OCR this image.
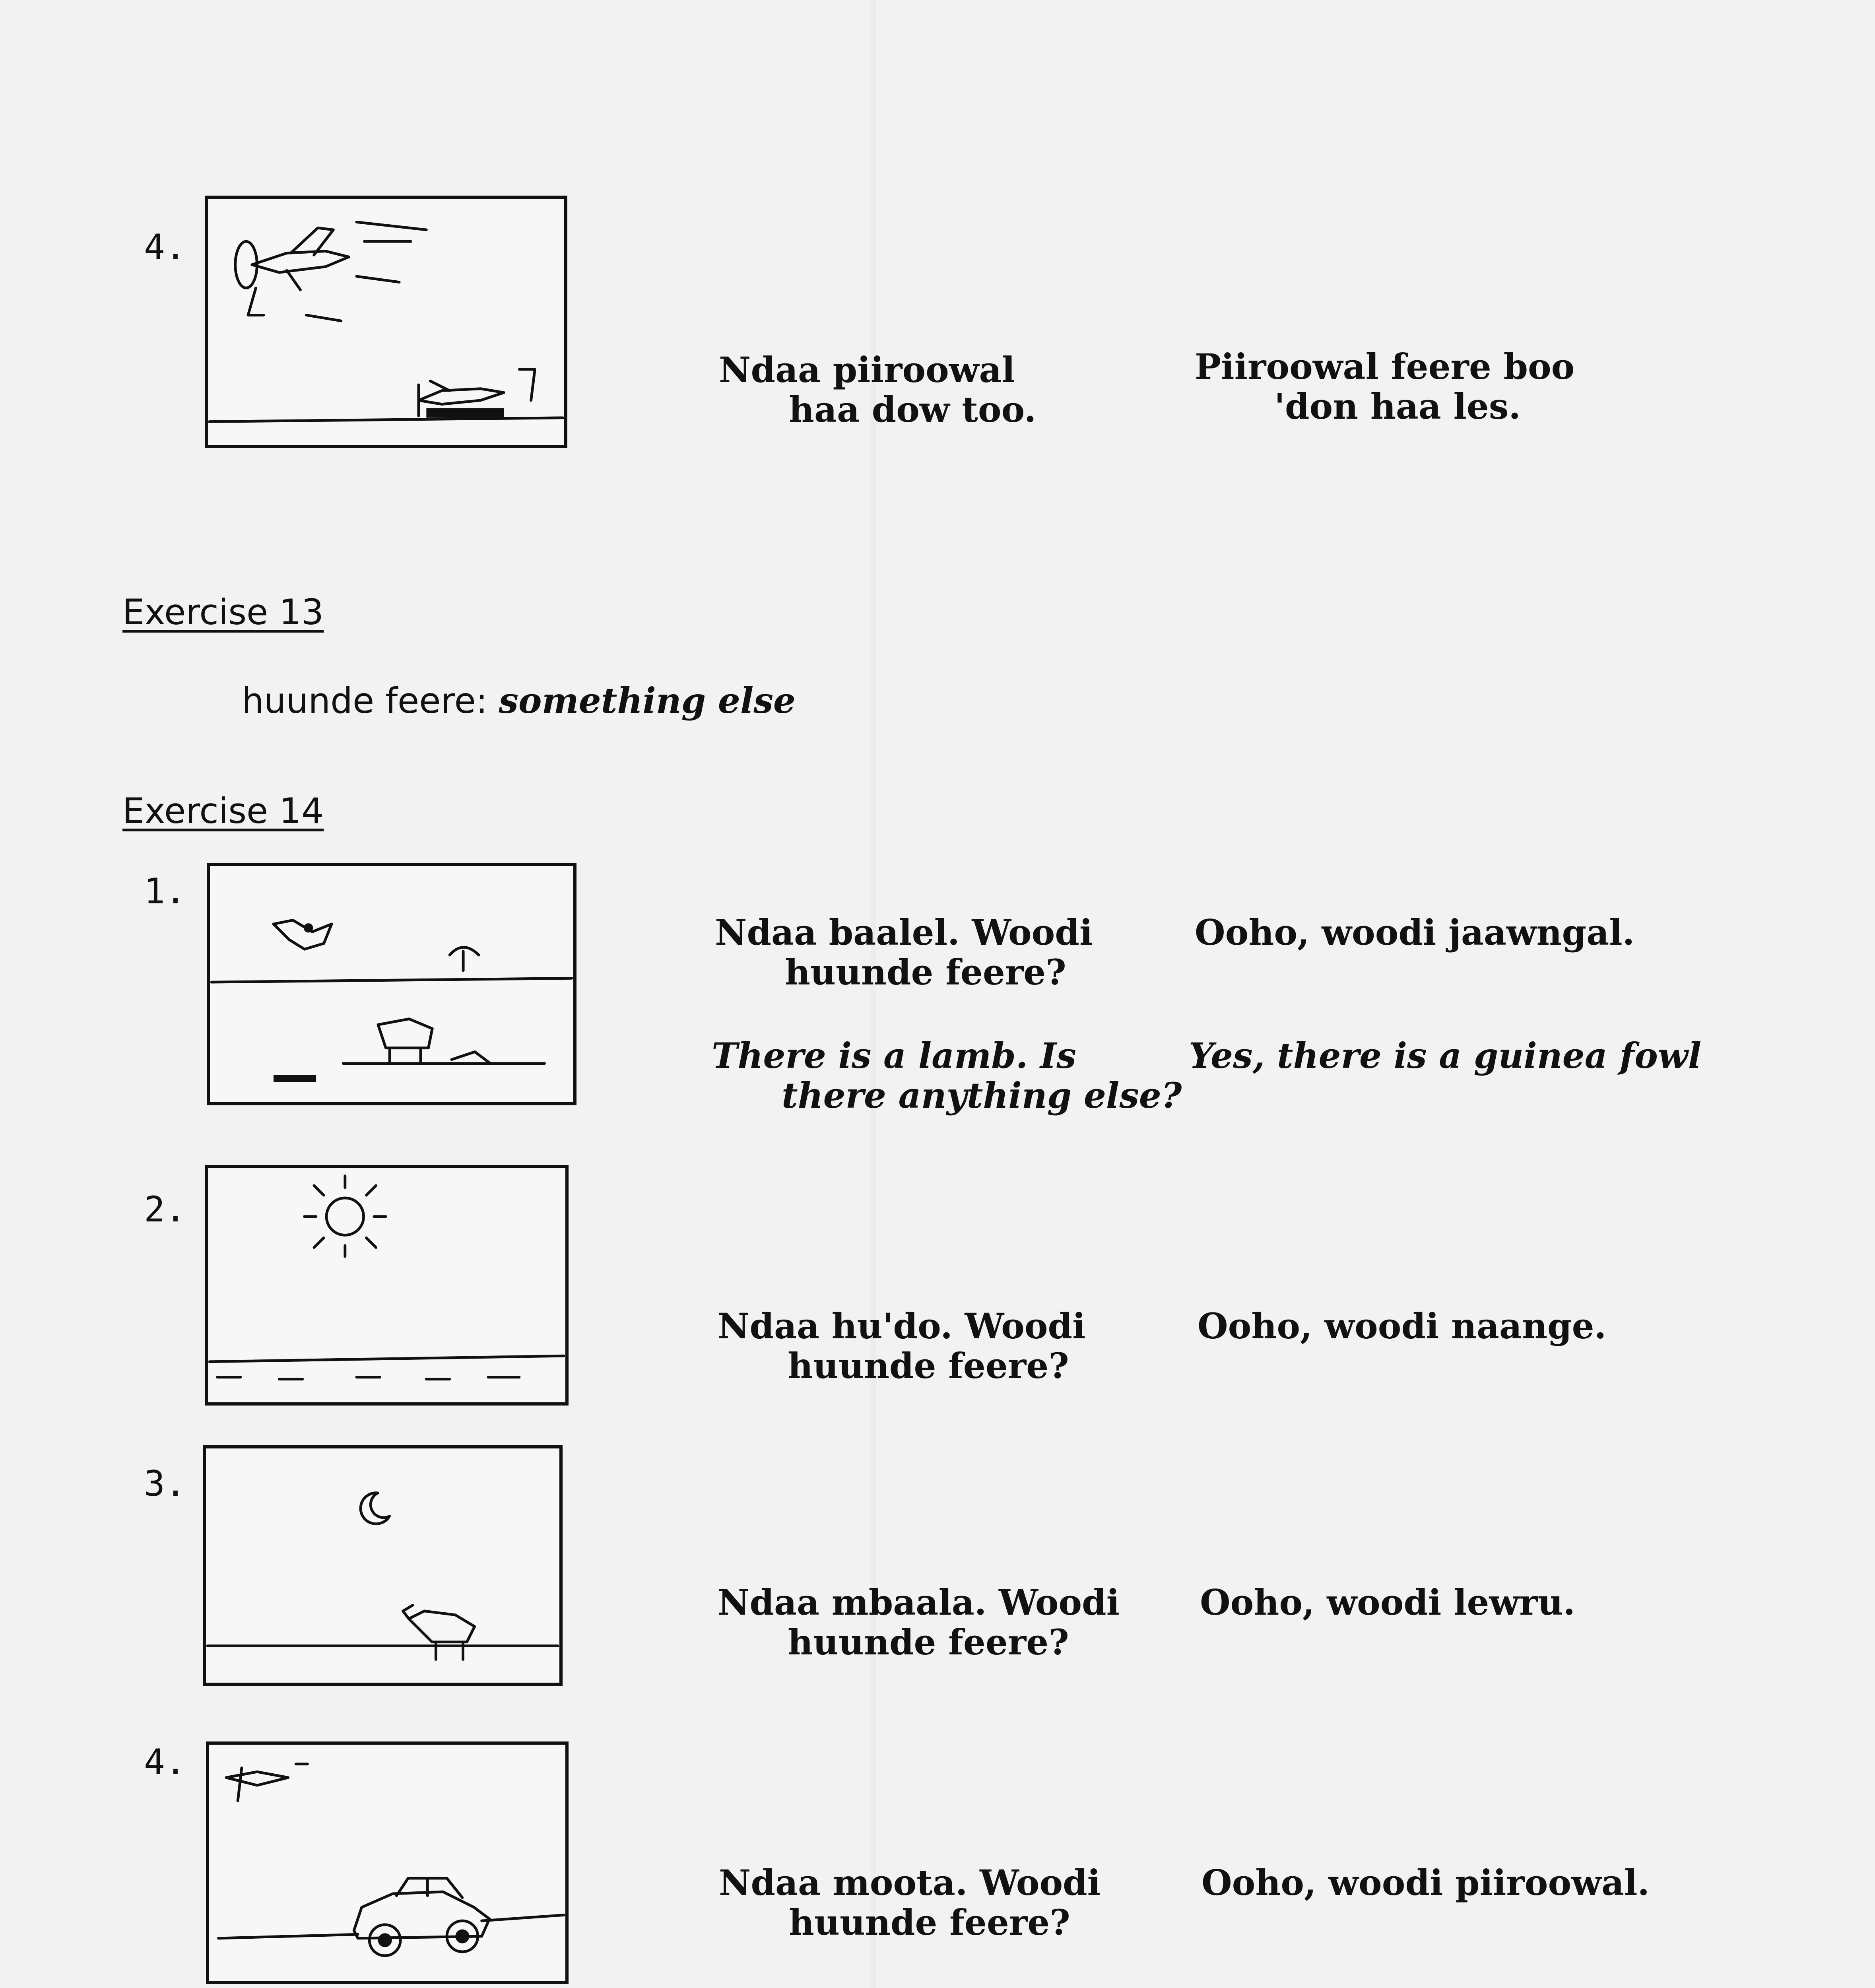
4.
Ndaa piiroowal
haa dow too.
Piiroowal feere boo
'don haa les.
Exercise 13
huunde feere: something else
Exercise 14
1.
Ndaa baalel. Woodi
huunde feere?
Ooho, woodi jaawngal.
There is a lamb. Is
there anything else?
Yes, there is a guinea fowl
2.
Ndaa hu'do. Woodi
huunde feere?
Ooho, woodi naange.
3.
Ndaa mbaala. Woodi
huunde feere?
Ooho, woodi lewru.
4.
Ndaa moota. Woodi
huunde feere?
Ooho, woodi piiroowal.
